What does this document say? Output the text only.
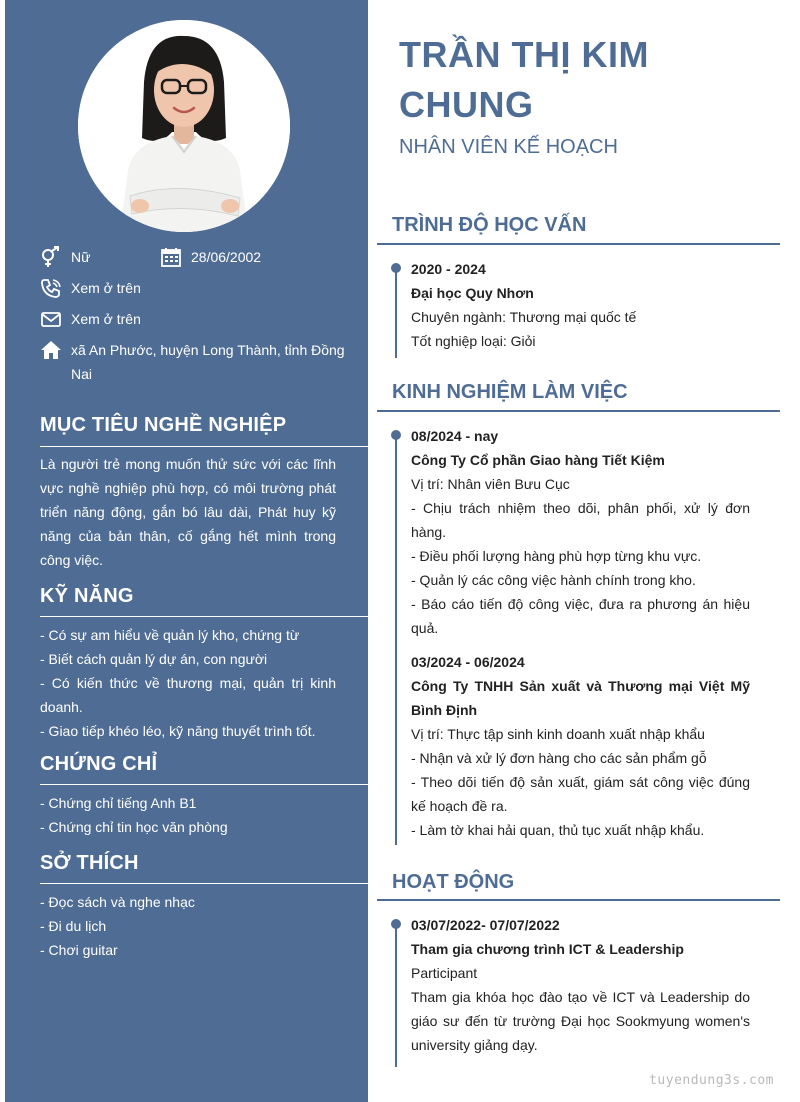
Nữ	28/06/2002
Xem ở trên
Xem ở trên
xã An Phước, huyện Long Thành, tỉnh Đồng
Nai
MỤC TIÊU NGHỀ NGHIỆP
Là người trẻ mong muốn thử sức với các lĩnh vực nghề nghiệp phù hợp, có môi trường phát triển năng động, gắn bó lâu dài, Phát huy kỹ năng của bản thân, cố gắng hết mình trong công việc.
KỸ NĂNG
- Có sự am hiểu về quản lý kho, chứng từ
- Biết cách quản lý dự án, con người
- Có kiến thức về thương mại, quản trị kinh doanh.
- Giao tiếp khéo léo, kỹ năng thuyết trình tốt.
CHỨNG CHỈ
- Chứng chỉ tiếng Anh B1
- Chứng chỉ tin học văn phòng
SỞ THÍCH
- Đọc sách và nghe nhạc
- Đi du lịch
- Chơi guitar
TRẦN THỊ KIM
CHUNG
NHÂN VIÊN KẾ HOẠCH
TRÌNH ĐỘ HỌC VẤN
2020 - 2024
Đại học Quy Nhơn
Chuyên ngành: Thương mại quốc tế
Tốt nghiệp loại: Giỏi
KINH NGHIỆM LÀM VIỆC
08/2024 - nay
Công Ty Cổ phần Giao hàng Tiết Kiệm
Vị trí: Nhân viên Bưu Cục
- Chịu trách nhiệm theo dõi, phân phối, xử lý đơn hàng.
- Điều phối lượng hàng phù hợp từng khu vực.
- Quản lý các công việc hành chính trong kho.
- Báo cáo tiến độ công việc, đưa ra phương án hiệu quả.
03/2024 - 06/2024
Công Ty TNHH Sản xuất và Thương mại Việt Mỹ Bình Định
Vị trí: Thực tập sinh kinh doanh xuất nhập khẩu
- Nhận và xử lý đơn hàng cho các sản phẩm gỗ
- Theo dõi tiến độ sản xuất, giám sát công việc đúng kế hoạch đề ra.
- Làm tờ khai hải quan, thủ tục xuất nhập khẩu.
HOẠT ĐỘNG
03/07/2022- 07/07/2022
Tham gia chương trình ICT & Leadership
Participant
Tham gia khóa học đào tạo về ICT và Leadership do giáo sư đến từ trường Đại học Sookmyung women's university giảng dạy.
tuyendung3s.com
